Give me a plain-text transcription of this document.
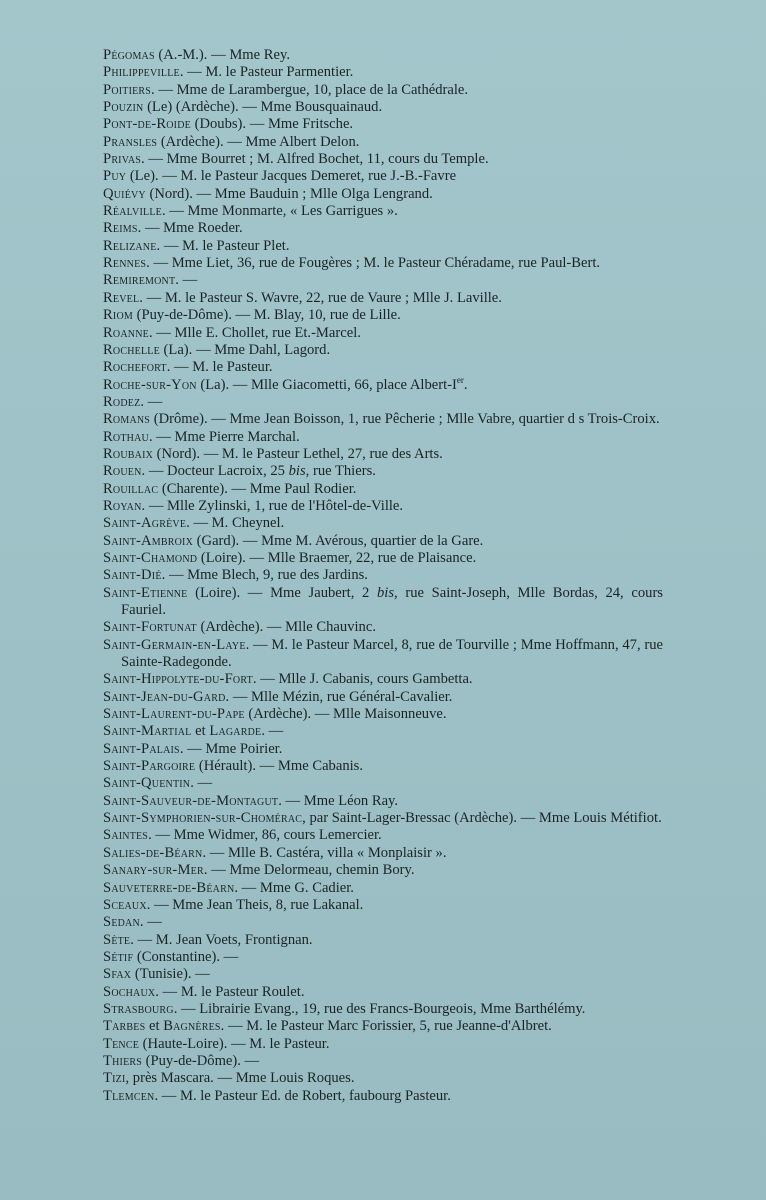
Pégomas (A.-M.). — Mme Rey.
Philippeville. — M. le Pasteur Parmentier.
Poitiers. — Mme de Larambergue, 10, place de la Cathédrale.
Pouzin (Le) (Ardèche). — Mme Bousquainaud.
Pont-de-Roide (Doubs). — Mme Fritsche.
Pransles (Ardèche). — Mme Albert Delon.
Privas. — Mme Bourret ; M. Alfred Bochet, 11, cours du Temple.
Puy (Le). — M. le Pasteur Jacques Demeret, rue J.-B.-Favre
Quiévy (Nord). — Mme Bauduin ; Mlle Olga Lengrand.
Réalville. — Mme Monmarte, « Les Garrigues ».
Reims. — Mme Roeder.
Relizane. — M. le Pasteur Plet.
Rennes. — Mme Liet, 36, rue de Fougères ; M. le Pasteur Chéradame, rue Paul-Bert.
Remiremont. —
Revel. — M. le Pasteur S. Wavre, 22, rue de Vaure ; Mlle J. Laville.
Riom (Puy-de-Dôme). — M. Blay, 10, rue de Lille.
Roanne. — Mlle E. Chollet, rue Et.-Marcel.
Rochelle (La). — Mme Dahl, Lagord.
Rochefort. — M. le Pasteur.
Roche-sur-Yon (La). — Mlle Giacometti, 66, place Albert-Ier.
Rodez. —
Romans (Drôme). — Mme Jean Boisson, 1, rue Pêcherie ; Mlle Vabre, quartier d s Trois-Croix.
Rothau. — Mme Pierre Marchal.
Roubaix (Nord). — M. le Pasteur Lethel, 27, rue des Arts.
Rouen. — Docteur Lacroix, 25 bis, rue Thiers.
Rouillac (Charente). — Mme Paul Rodier.
Royan. — Mlle Zylinski, 1, rue de l'Hôtel-de-Ville.
Saint-Agrève. — M. Cheynel.
Saint-Ambroix (Gard). — Mme M. Avérous, quartier de la Gare.
Saint-Chamond (Loire). — Mlle Braemer, 22, rue de Plaisance.
Saint-Dié. — Mme Blech, 9, rue des Jardins.
Saint-Etienne (Loire). — Mme Jaubert, 2 bis, rue Saint-Joseph, Mlle Bordas, 24, cours Fauriel.
Saint-Fortunat (Ardèche). — Mlle Chauvinc.
Saint-Germain-en-Laye. — M. le Pasteur Marcel, 8, rue de Tourville ; Mme Hoffmann, 47, rue Sainte-Radegonde.
Saint-Hippolyte-du-Fort. — Mlle J. Cabanis, cours Gambetta.
Saint-Jean-du-Gard. — Mlle Mézin, rue Général-Cavalier.
Saint-Laurent-du-Pape (Ardèche). — Mlle Maisonneuve.
Saint-Martial et Lagarde. —
Saint-Palais. — Mme Poirier.
Saint-Pargoire (Hérault). — Mme Cabanis.
Saint-Quentin. —
Saint-Sauveur-de-Montagut. — Mme Léon Ray.
Saint-Symphorien-sur-Chomérac, par Saint-Lager-Bressac (Ardèche). — Mme Louis Métifiot.
Saintes. — Mme Widmer, 86, cours Lemercier.
Salies-de-Béarn. — Mlle B. Castéra, villa « Monplaisir ».
Sanary-sur-Mer. — Mme Delormeau, chemin Bory.
Sauveterre-de-Béarn. — Mme G. Cadier.
Sceaux. — Mme Jean Theis, 8, rue Lakanal.
Sedan. —
Sète. — M. Jean Voets, Frontignan.
Sétif (Constantine). —
Sfax (Tunisie). —
Sochaux. — M. le Pasteur Roulet.
Strasbourg. — Librairie Evang., 19, rue des Francs-Bourgeois, Mme Barthélémy.
Tarbes et Bagnères. — M. le Pasteur Marc Forissier, 5, rue Jeanne-d'Albret.
Tence (Haute-Loire). — M. le Pasteur.
Thiers (Puy-de-Dôme). —
Tizi, près Mascara. — Mme Louis Roques.
Tlemcen. — M. le Pasteur Ed. de Robert, faubourg Pasteur.
